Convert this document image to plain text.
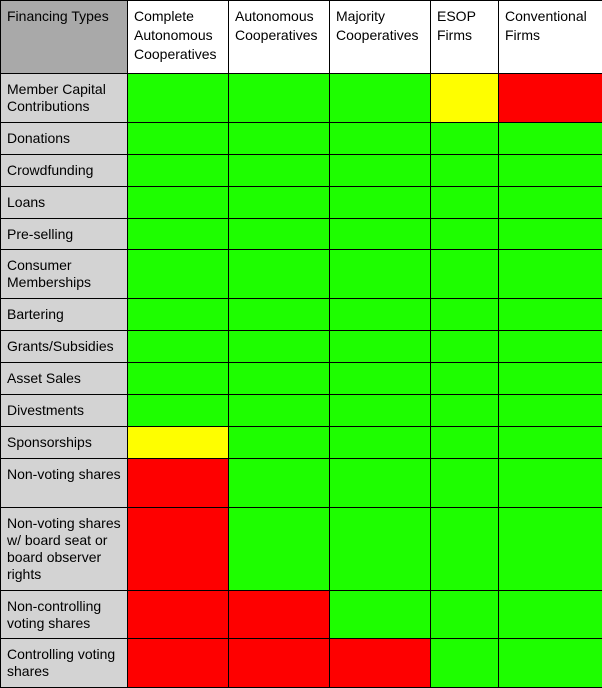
Financing Types	Complete Autonomous Cooperatives	Autonomous Cooperatives	Majority Cooperatives	ESOP Firms	Conventional Firms

Member Capital Contributions					

Donations					

Crowdfunding					

Loans					

Pre-selling					

Consumer Memberships					

Bartering					

Grants/Subsidies					

Asset Sales					

Divestments					

Sponsorships					

Non-voting shares					

Non-voting shares w/ board seat or board observer rights					

Non-controlling voting shares					

Controlling voting shares					
